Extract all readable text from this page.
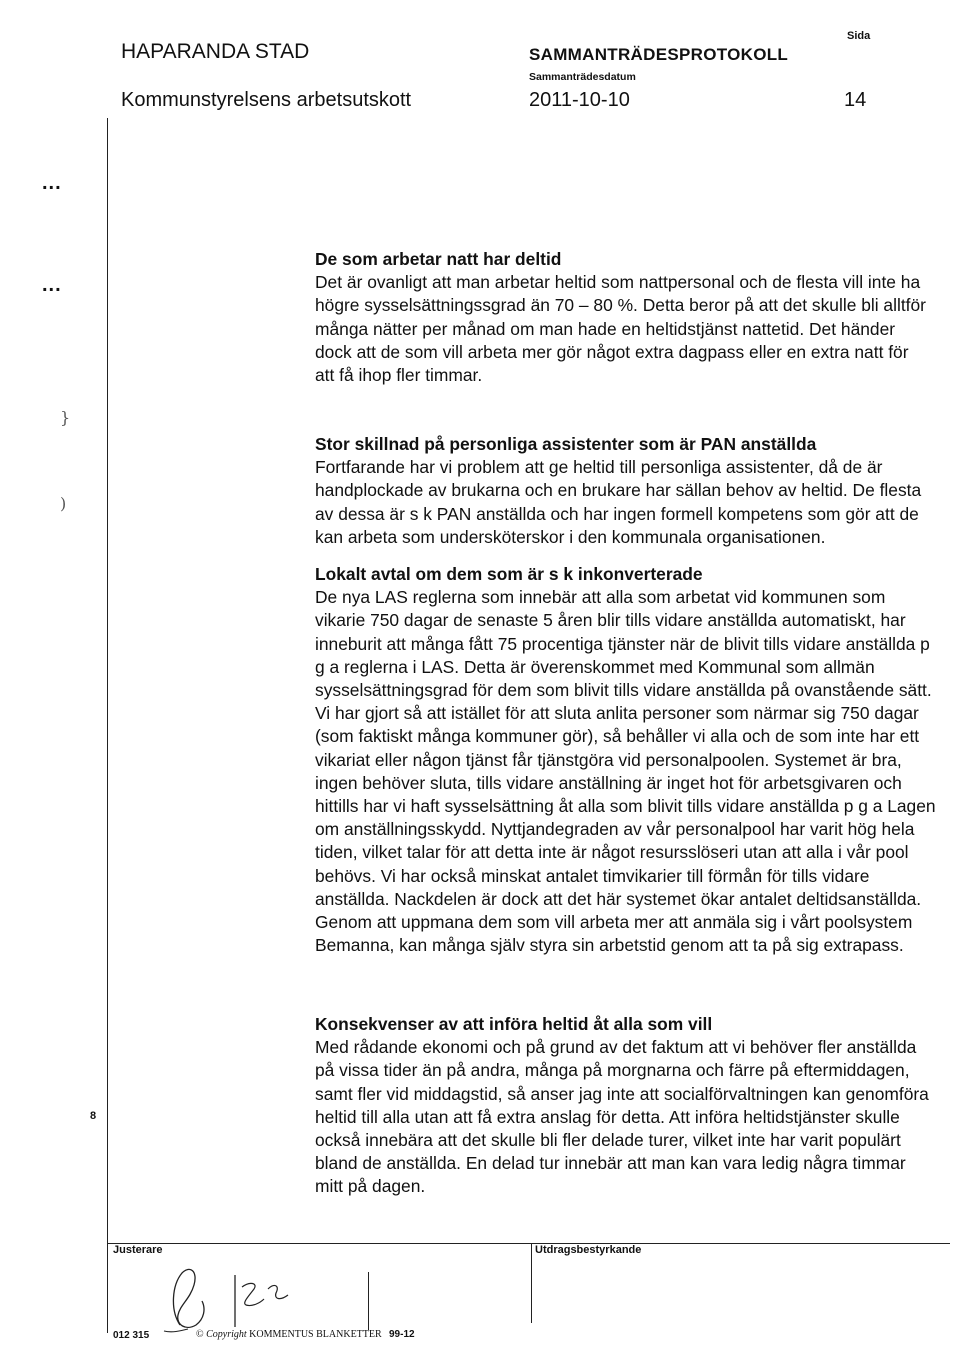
HAPARANDA STAD
Kommunstyrelsens arbetsutskott
SAMMANTRÄDESPROTOKOLL
Sammanträdesdatum
2011-10-10
Sida
14
...
...
}
)
8
De som arbetar natt har deltid

Det är ovanligt att man arbetar heltid som nattpersonal och de flesta vill inte ha högre sysselsättningssgrad än 70 – 80 %. Detta beror på att det skulle bli alltför många nätter per månad om man hade en heltidstjänst nattetid. Det händer dock att de som vill arbeta mer gör något extra dagpass eller en extra natt för att få ihop fler timmar.

Stor skillnad på personliga assistenter som är PAN anställda

Fortfarande har vi problem att ge heltid till personliga assistenter, då de är handplockade av brukarna och en brukare har sällan behov av heltid. De flesta av dessa är s k PAN anställda och har ingen formell kompetens som gör att de kan arbeta som undersköterskor i den kommunala organisationen.

Lokalt avtal om dem som är s k inkonverterade

De nya LAS reglerna som innebär att alla som arbetat vid kommunen som vikarie 750 dagar de senaste 5 åren blir tills vidare anställda automatiskt, har inneburit att många fått 75 procentiga tjänster när de blivit tills vidare anställda p g a reglerna i LAS. Detta är överenskommet med Kommunal som allmän sysselsättningsgrad för dem som blivit tills vidare anställda på ovanstående sätt. Vi har gjort så att istället för att sluta anlita personer som närmar sig 750 dagar (som faktiskt många kommuner gör), så behåller vi alla och de som inte har ett vikariat eller någon tjänst får tjänstgöra vid personalpoolen. Systemet är bra, ingen behöver sluta, tills vidare anställning är inget hot för arbetsgivaren och hittills har vi haft sysselsättning åt alla som blivit tills vidare anställda p g a Lagen om anställningsskydd. Nyttjandegraden av vår personalpool har varit hög hela tiden, vilket talar för att detta inte är något resursslöseri utan att alla i vår pool behövs. Vi har också minskat antalet timvikarier till förmån för tills vidare anställda. Nackdelen är dock att det här systemet ökar antalet deltidsanställda. Genom att uppmana dem som vill arbeta mer att anmäla sig i vårt poolsystem Bemanna, kan många själv styra sin arbetstid genom att ta på sig extrapass.

Konsekvenser av att införa heltid åt alla som vill

Med rådande ekonomi och på grund av det faktum att vi behöver fler anställda på vissa tider än på andra, många på morgnarna och färre på eftermiddagen, samt fler vid middagstid, så anser jag inte att socialförvaltningen kan genomföra heltid till alla utan att få extra anslag för detta. Att införa heltidstjänster skulle också innebära att det skulle bli fler delade turer, vilket inte har varit populärt bland de anställda. En delad tur innebär att man kan vara ledig några timmar mitt på dagen.

Justerare	Utdragsbestyrkande
012 315	© Copyright KOMMENTUS BLANKETTER 99-12
